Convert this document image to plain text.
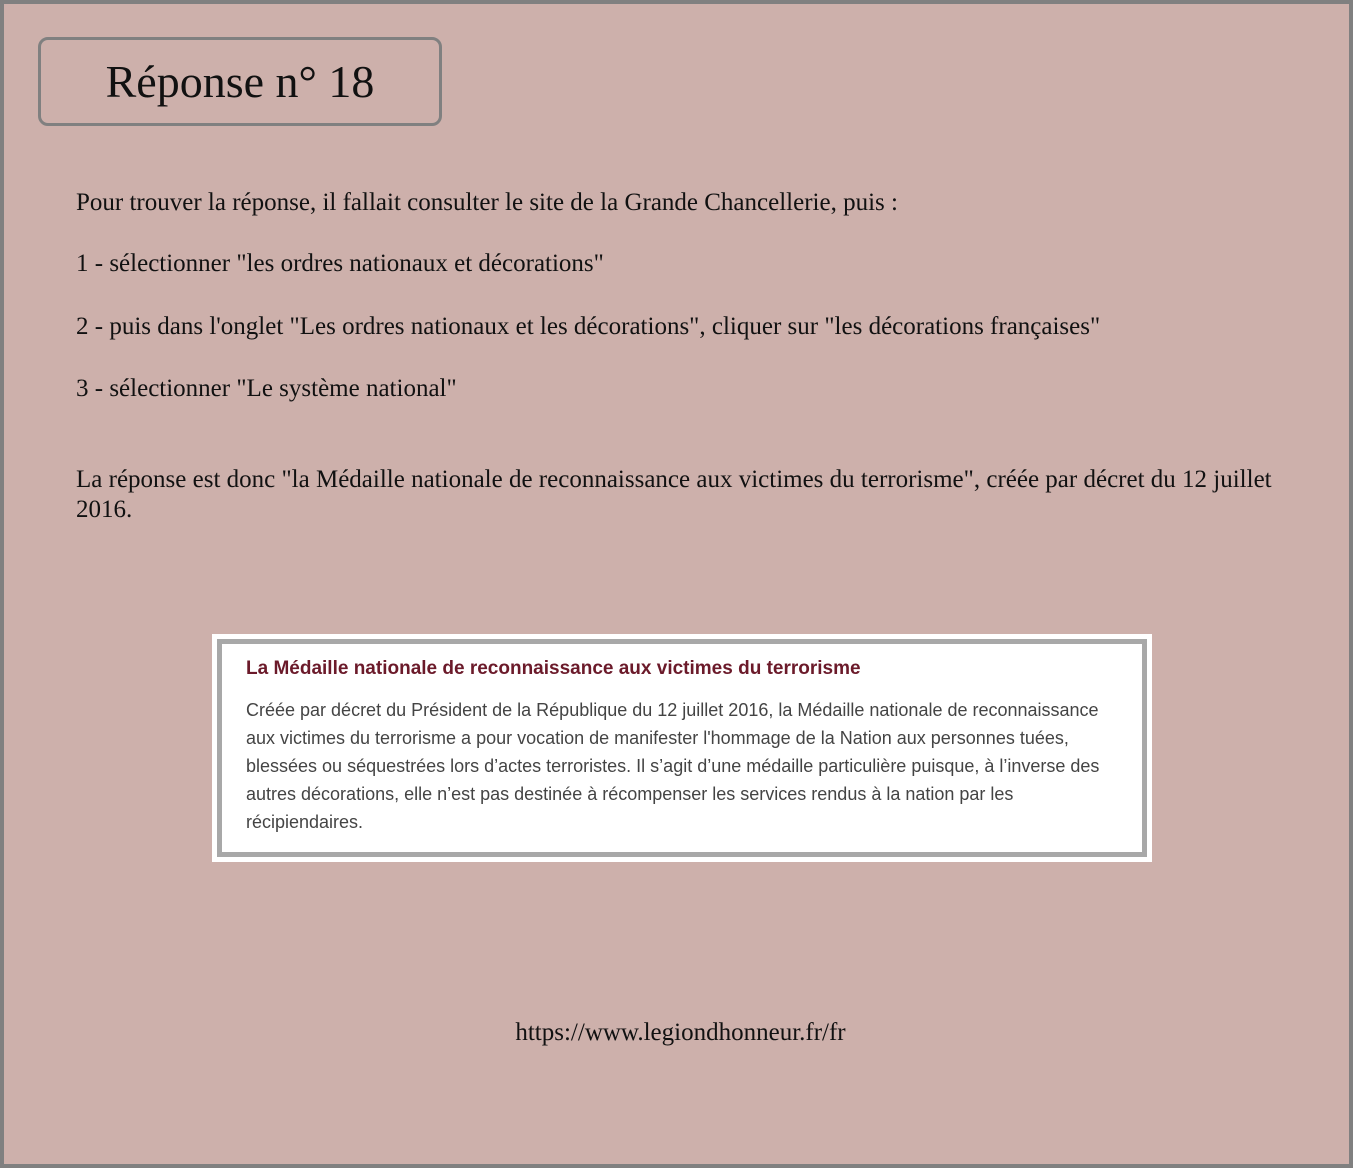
Réponse n° 18

Pour trouver la réponse, il fallait consulter le site de la Grande Chancellerie, puis :

1 - sélectionner "les ordres nationaux et décorations"

2 - puis dans l'onglet "Les ordres nationaux et les décorations", cliquer sur "les décorations françaises"

3 - sélectionner "Le système national"

La réponse est donc "la Médaille nationale de reconnaissance aux victimes du terrorisme", créée par décret du 12 juillet 2016.

La Médaille nationale de reconnaissance aux victimes du terrorisme

Créée par décret du Président de la République du 12 juillet 2016, la Médaille nationale de reconnaissance aux victimes du terrorisme a pour vocation de manifester l'hommage de la Nation aux personnes tuées, blessées ou séquestrées lors d’actes terroristes. Il s’agit d’une médaille particulière puisque, à l’inverse des autres décorations, elle n’est pas destinée à récompenser les services rendus à la nation par les récipiendaires.

https://www.legiondhonneur.fr/fr
